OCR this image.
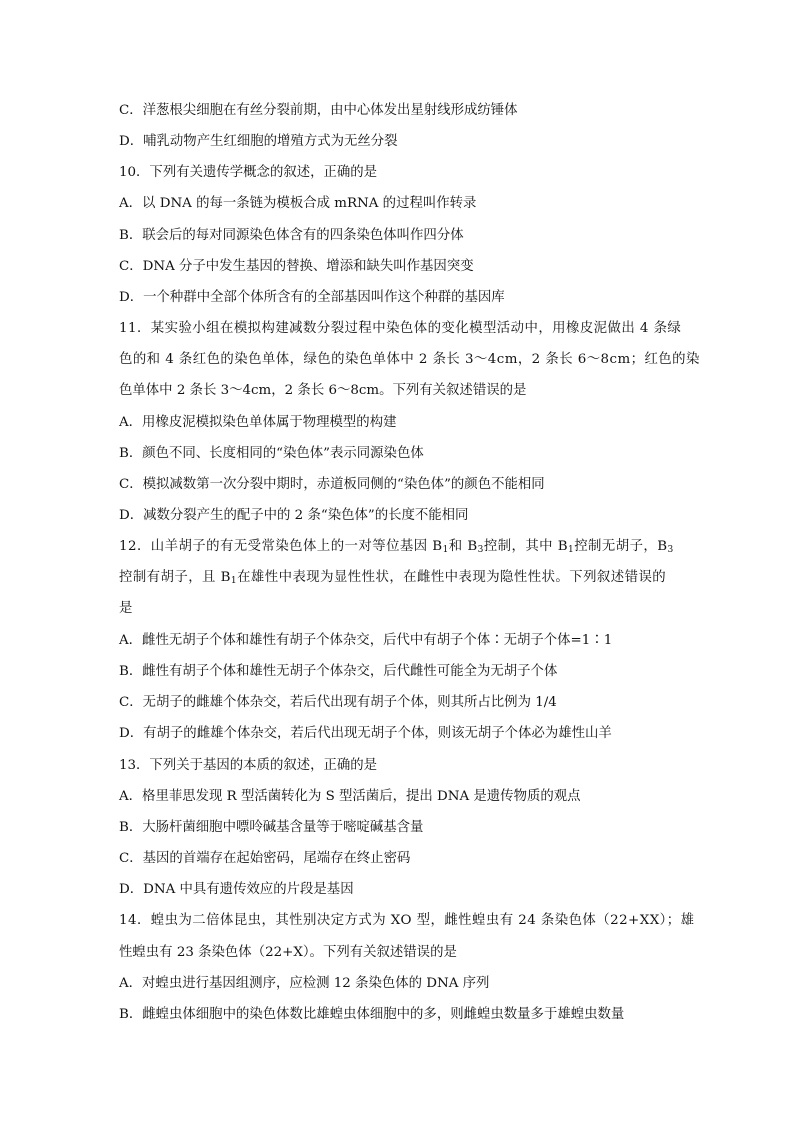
C．洋葱根尖细胞在有丝分裂前期，由中心体发出星射线形成纺锤体
D．哺乳动物产生红细胞的增殖方式为无丝分裂
10．下列有关遗传学概念的叙述，正确的是
A．以 DNA 的每一条链为模板合成 mRNA 的过程叫作转录
B．联会后的每对同源染色体含有的四条染色体叫作四分体
C．DNA 分子中发生基因的替换、增添和缺失叫作基因突变
D．一个种群中全部个体所含有的全部基因叫作这个种群的基因库
11．某实验小组在模拟构建减数分裂过程中染色体的变化模型活动中，用橡皮泥做出 4 条绿
色的和 4 条红色的染色单体，绿色的染色单体中 2 条长 3～4cm，2 条长 6～8cm；红色的染
色单体中 2 条长 3～4cm，2 条长 6～8cm。下列有关叙述错误的是
A．用橡皮泥模拟染色单体属于物理模型的构建
B．颜色不同、长度相同的“染色体”表示同源染色体
C．模拟减数第一次分裂中期时，赤道板同侧的“染色体”的颜色不能相同
D．减数分裂产生的配子中的 2 条“染色体”的长度不能相同
12．山羊胡子的有无受常染色体上的一对等位基因 $B_1$和 $B_3$控制，其中 $B_1$控制无胡子，$B_3$
控制有胡子，且 $B_1$在雄性中表现为显性性状，在雌性中表现为隐性性状。下列叙述错误的
是
A．雌性无胡子个体和雄性有胡子个体杂交，后代中有胡子个体∶无胡子个体=1∶1
B．雌性有胡子个体和雄性无胡子个体杂交，后代雌性可能全为无胡子个体
C．无胡子的雌雄个体杂交，若后代出现有胡子个体，则其所占比例为 1/4
D．有胡子的雌雄个体杂交，若后代出现无胡子个体，则该无胡子个体必为雄性山羊
13．下列关于基因的本质的叙述，正确的是
A．格里菲思发现 R 型活菌转化为 S 型活菌后，提出 DNA 是遗传物质的观点
B．大肠杆菌细胞中嘌呤碱基含量等于嘧啶碱基含量
C．基因的首端存在起始密码，尾端存在终止密码
D．DNA 中具有遗传效应的片段是基因
14．蝗虫为二倍体昆虫，其性别决定方式为 XO 型，雌性蝗虫有 24 条染色体（22+XX）；雄
性蝗虫有 23 条染色体（22+X）。下列有关叙述错误的是
A．对蝗虫进行基因组测序，应检测 12 条染色体的 DNA 序列
B．雌蝗虫体细胞中的染色体数比雄蝗虫体细胞中的多，则雌蝗虫数量多于雄蝗虫数量
